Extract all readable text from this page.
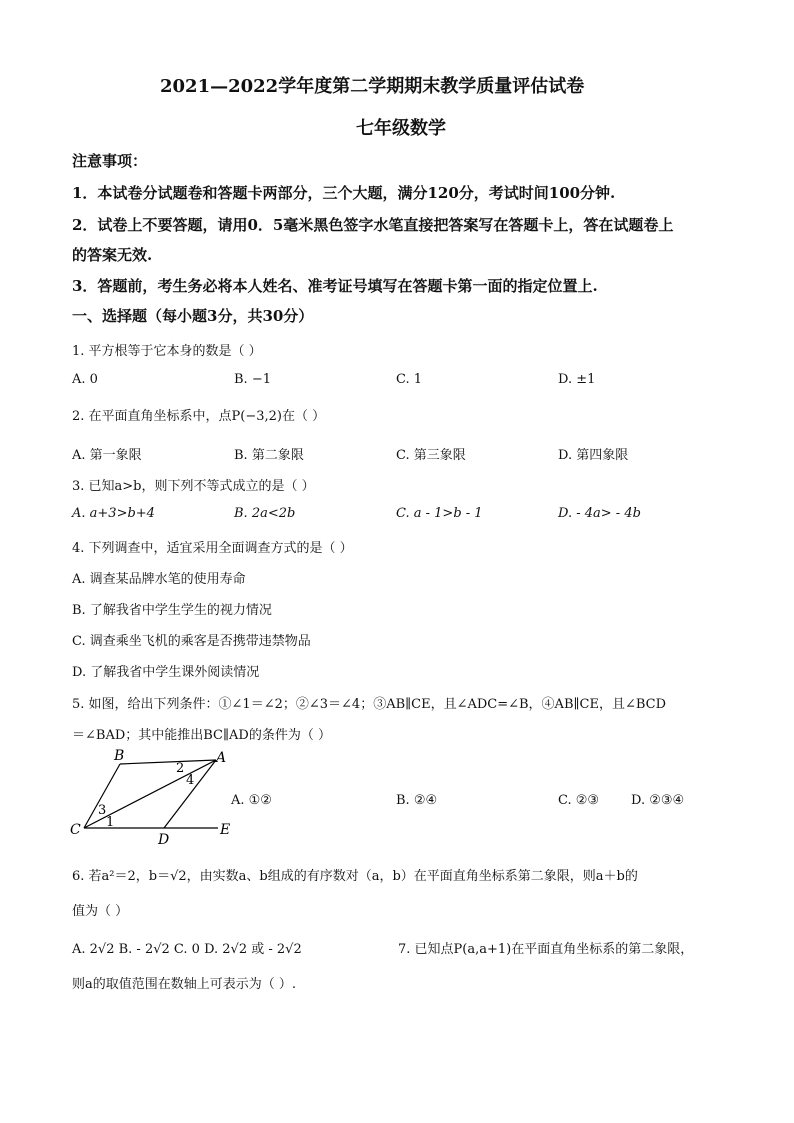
2021—2022学年度第二学期期末教学质量评估试卷
七年级数学
注意事项：
1．本试卷分试题卷和答题卡两部分，三个大题，满分120分，考试时间100分钟.
2．试卷上不要答题，请用0．5毫米黑色签字水笔直接把答案写在答题卡上，答在试题卷上
的答案无效.
3．答题前，考生务必将本人姓名、准考证号填写在答题卡第一面的指定位置上.
一、选择题（每小题3分，共30分）
1. 平方根等于它本身的数是（ ）
A. 0	B. −1	C. 1	D. ±1
2. 在平面直角坐标系中，点P(−3,2)在（ ）
A. 第一象限	B. 第二象限	C. 第三象限	D. 第四象限
3. 已知a>b，则下列不等式成立的是（ ）
A. a+3>b+4	B. 2a<2b	C. a - 1>b - 1	D. - 4a> - 4b
4. 下列调查中，适宜采用全面调查方式的是（ ）
A. 调查某品牌水笔的使用寿命
B. 了解我省中学生学生的视力情况
C. 调查乘坐飞机的乘客是否携带违禁物品
D. 了解我省中学生课外阅读情况
5. 如图，给出下列条件：①∠1＝∠2；②∠3＝∠4；③AB∥CE，且∠ADC=∠B，④AB∥CE，且∠BCD
＝∠BAD；其中能推出BC∥AD的条件为（ ）
B	A
C
D
E
1
2
3
4
A. ①②	B. ②④	C. ②③ D. ②③④
6. 若a²＝2，b＝√2，由实数a、b组成的有序数对（a，b）在平面直角坐标系第二象限，则a＋b的
值为（ ）
A. 2√2 B. - 2√2 C. 0 D. 2√2 或 - 2√2	7. 已知点P(a,a+1)在平面直角坐标系的第二象限，
则a的取值范围在数轴上可表示为（ ）.
